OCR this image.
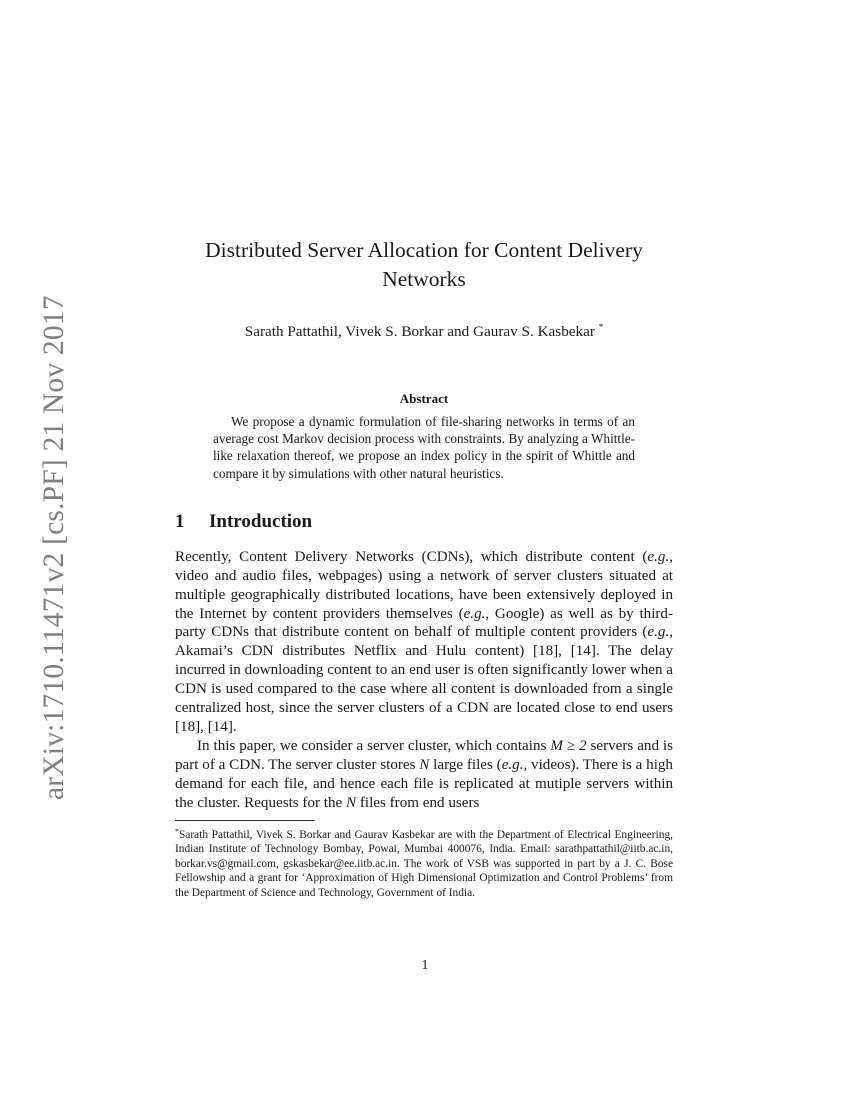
arXiv:1710.11471v2 [cs.PF] 21 Nov 2017
Distributed Server Allocation for Content Delivery
Networks
Sarath Pattathil, Vivek S. Borkar and Gaurav S. Kasbekar *
Abstract

We propose a dynamic formulation of file-sharing networks in terms of an average cost Markov decision process with constraints. By analyzing a Whittle-like relaxation thereof, we propose an index policy in the spirit of Whittle and compare it by simulations with other natural heuristics.

1 Introduction

Recently, Content Delivery Networks (CDNs), which distribute content (e.g., video and audio files, webpages) using a network of server clusters situated at multiple geographically distributed locations, have been extensively deployed in the Internet by content providers themselves (e.g., Google) as well as by third-party CDNs that distribute content on behalf of multiple content providers (e.g., Akamai’s CDN distributes Netflix and Hulu content) [18], [14]. The delay incurred in downloading content to an end user is often significantly lower when a CDN is used compared to the case where all content is downloaded from a single centralized host, since the server clusters of a CDN are located close to end users [18], [14].

In this paper, we consider a server cluster, which contains M ≥ 2 servers and is part of a CDN. The server cluster stores N large files (e.g., videos). There is a high demand for each file, and hence each file is replicated at mutiple servers within the cluster. Requests for the N files from end users

*Sarath Pattathil, Vivek S. Borkar and Gaurav Kasbekar are with the Department of Electrical Engineering, Indian Institute of Technology Bombay, Powai, Mumbai 400076, India. Email: sarathpattathil@iitb.ac.in, borkar.vs@gmail.com, gskasbekar@ee.iitb.ac.in. The work of VSB was supported in part by a J. C. Bose Fellowship and a grant for ‘Approximation of High Dimensional Optimization and Control Problems’ from the Department of Science and Technology, Government of India.

1
